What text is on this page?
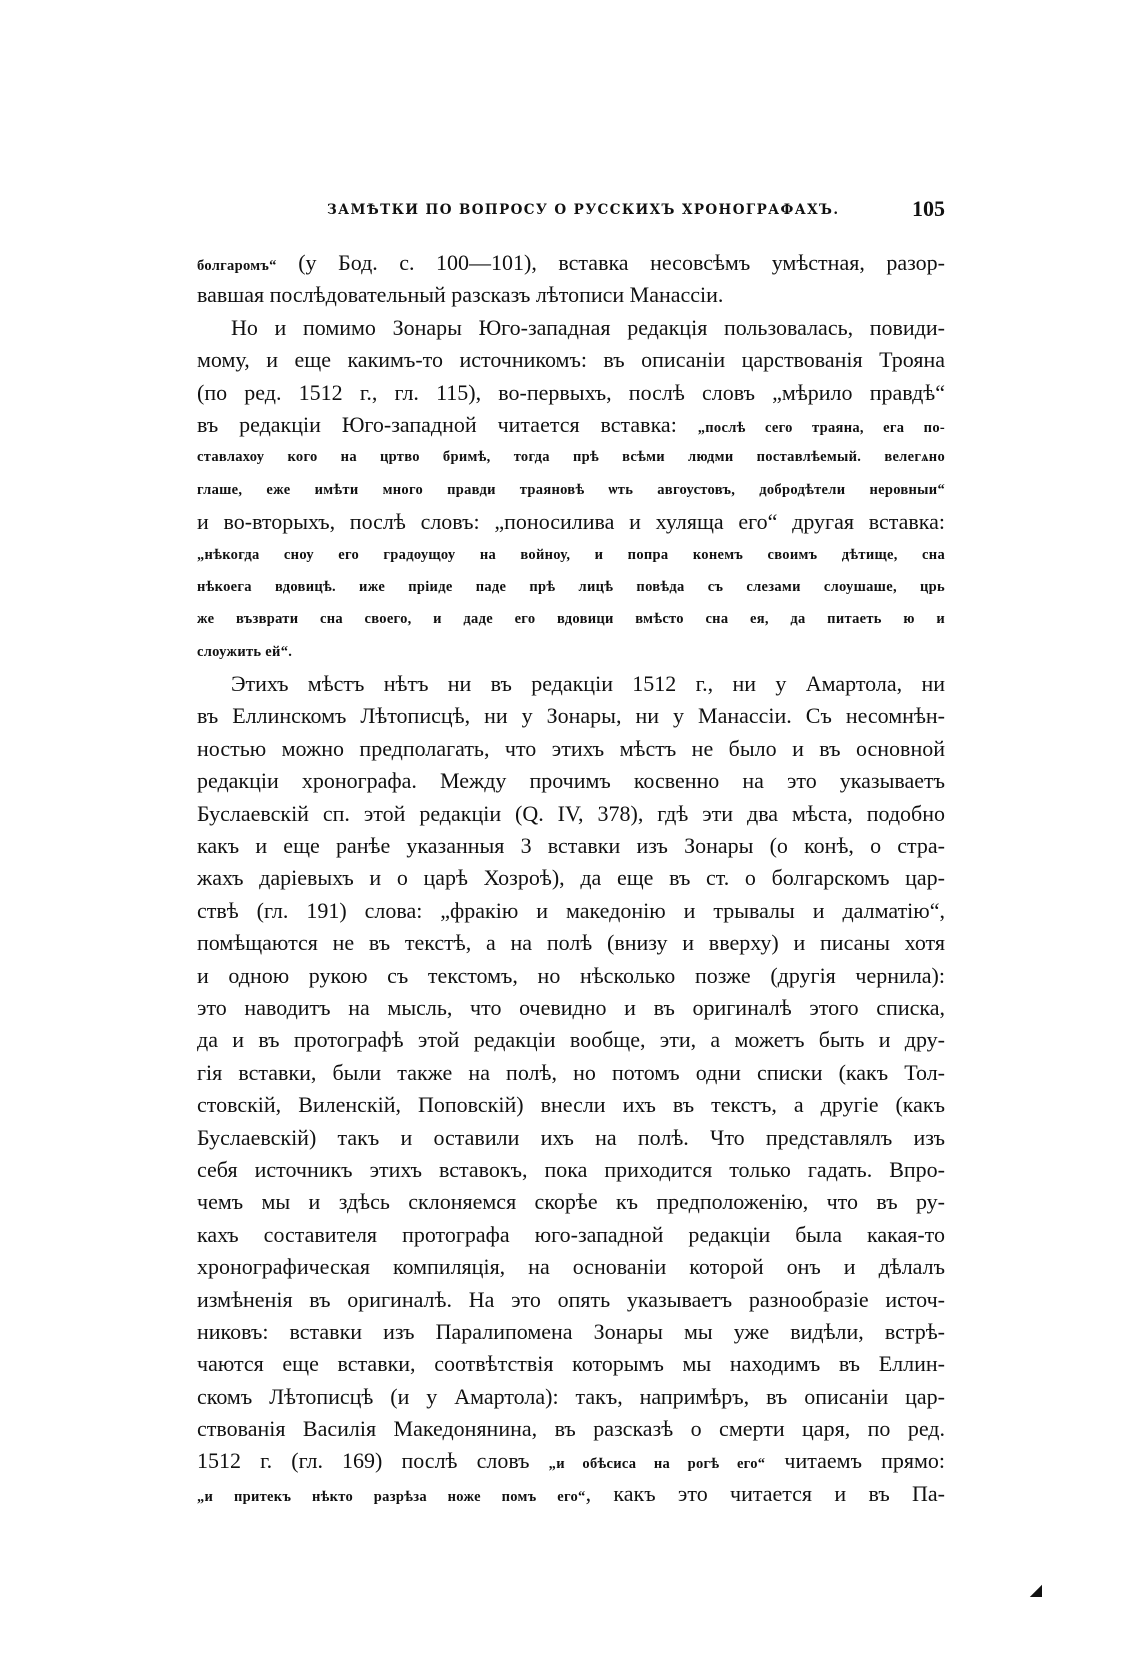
ЗАМѢТКИ ПО ВОПРОСУ О РУССКИХЪ ХРОНОГРАФАХЪ.	105
болгаромъ“ (у Бод. с. 100—101), вставка несовсѣмъ умѣстная, разор-
вавшая послѣдовательный разсказъ лѣтописи Манассіи.
Но и помимо Зонары Юго-западная редакція пользовалась, повиди-
мому, и еще какимъ-то источникомъ: въ описаніи царствованія Трояна
(по ред. 1512 г., гл. 115), во-первыхъ, послѣ словъ „мѣрило правдѣ“
въ редакціи Юго-западной читается вставка: „послѣ сего траяна, ега по-
ставлахоу кого на цртво бримѣ, тогда прѣ всѣми людми поставлѣемый. велегѧно
глаше, еже имѣти много правди траяновѣ ѡть авгоустовъ, добродѣтели неровныи“
и во-вторыхъ, послѣ словъ: „поносилива и хуляща его“ другая вставка:
„нѣкогда сноу его градоущоу на войноу, и попра конемъ своимъ дѣтище, сна
нѣкоега вдовицѣ. иже пріиде паде прѣ лицѣ повѣда съ слезами слоушаше, црь
же възврати сна своего, и даде его вдовици вмѣсто сна ея, да питаеть ю и
слоужить ей“.
Этихъ мѣстъ нѣтъ ни въ редакціи 1512 г., ни у Амартола, ни
въ Еллинскомъ Лѣтописцѣ, ни у Зонары, ни у Манассіи. Съ несомнѣн-
ностью можно предполагать, что этихъ мѣстъ не было и въ основной
редакціи хронографа. Между прочимъ косвенно на это указываетъ
Буслаевскій сп. этой редакціи (Q. IV, 378), гдѣ эти два мѣста, подобно
какъ и еще ранѣе указанныя 3 вставки изъ Зонары (о конѣ, о стра-
жахъ даріевыхъ и о царѣ Хозроѣ), да еще въ ст. о болгарскомъ цар-
ствѣ (гл. 191) слова: „фракію и македонію и трывалы и далматію“,
помѣщаются не въ текстѣ, а на полѣ (внизу и вверху) и писаны хотя
и одною рукою съ текстомъ, но нѣсколько позже (другія чернила):
это наводитъ на мысль, что очевидно и въ оригиналѣ этого списка,
да и въ протографѣ этой редакціи вообще, эти, а можетъ быть и дру-
гія вставки, были также на полѣ, но потомъ одни списки (какъ Тол-
стовскій, Виленскій, Поповскій) внесли ихъ въ текстъ, а другіе (какъ
Буслаевскій) такъ и оставили ихъ на полѣ. Что представлялъ изъ
себя источникъ этихъ вставокъ, пока приходится только гадать. Впро-
чемъ мы и здѣсь склоняемся скорѣе къ предположенію, что въ ру-
кахъ составителя протографа юго-западной редакціи была какая-то
хронографическая компиляція, на основаніи которой онъ и дѣлалъ
измѣненія въ оригиналѣ. На это опять указываетъ разнообразіе источ-
никовъ: вставки изъ Паралипомена Зонары мы уже видѣли, встрѣ-
чаются еще вставки, соотвѣтствія которымъ мы находимъ въ Еллин-
скомъ Лѣтописцѣ (и у Амартола): такъ, напримѣръ, въ описаніи цар-
ствованія Василія Македонянина, въ разсказѣ о смерти царя, по ред.
1512 г. (гл. 169) послѣ словъ „и обѣсиса на рогѣ его“ читаемъ прямо:
„и притекъ нѣкто разрѣза ноже помъ его“, какъ это читается и въ Па-
◢
